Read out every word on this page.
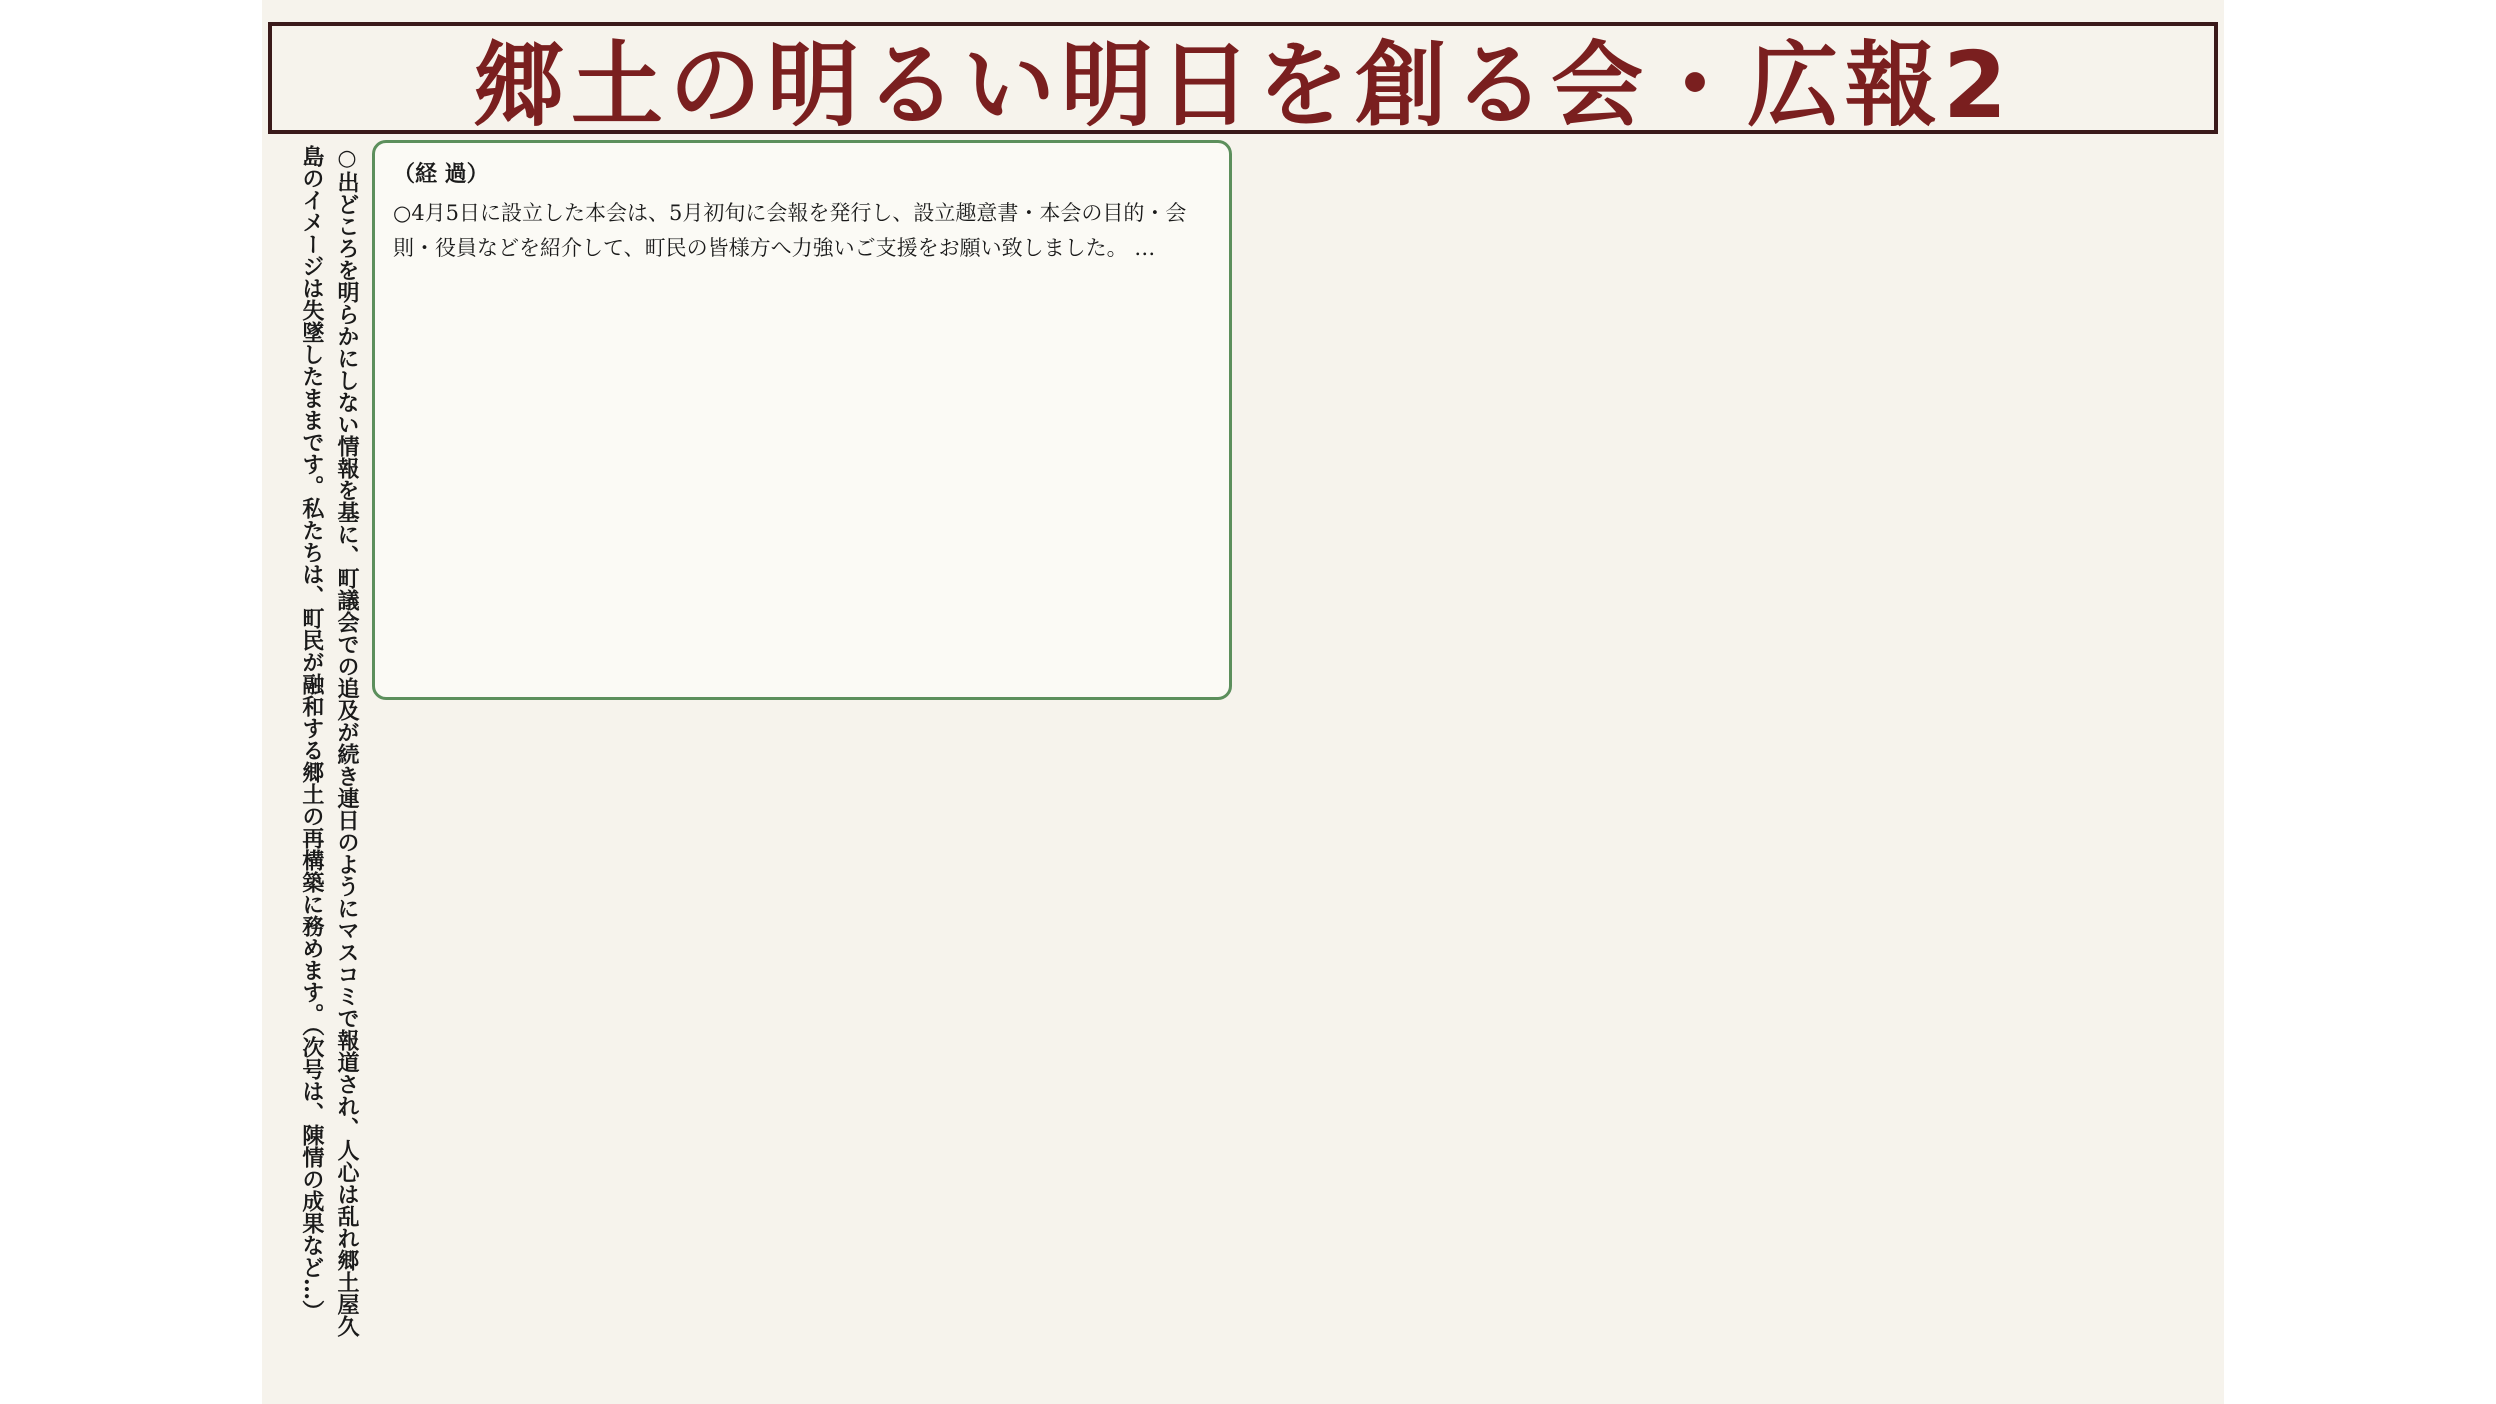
郷土の明るい明日を創る会・広報2
○出どころを明らかにしない情報を基に、町議会での追及が続き連日のようにマスコミで報道され、人心は乱れ郷土屋久島のイメージは失墜したままです。私たちは、町民が融和する郷土の再構築に務めます。（次号は、陳情の成果など…）	（経 過）

○4月5日に設立した本会は、5月初旬に会報を発行し、設立趣意書・本会の目的・会則・役員などを紹介して、町民の皆様方へ力強いご支援をお願い致しました。 …
